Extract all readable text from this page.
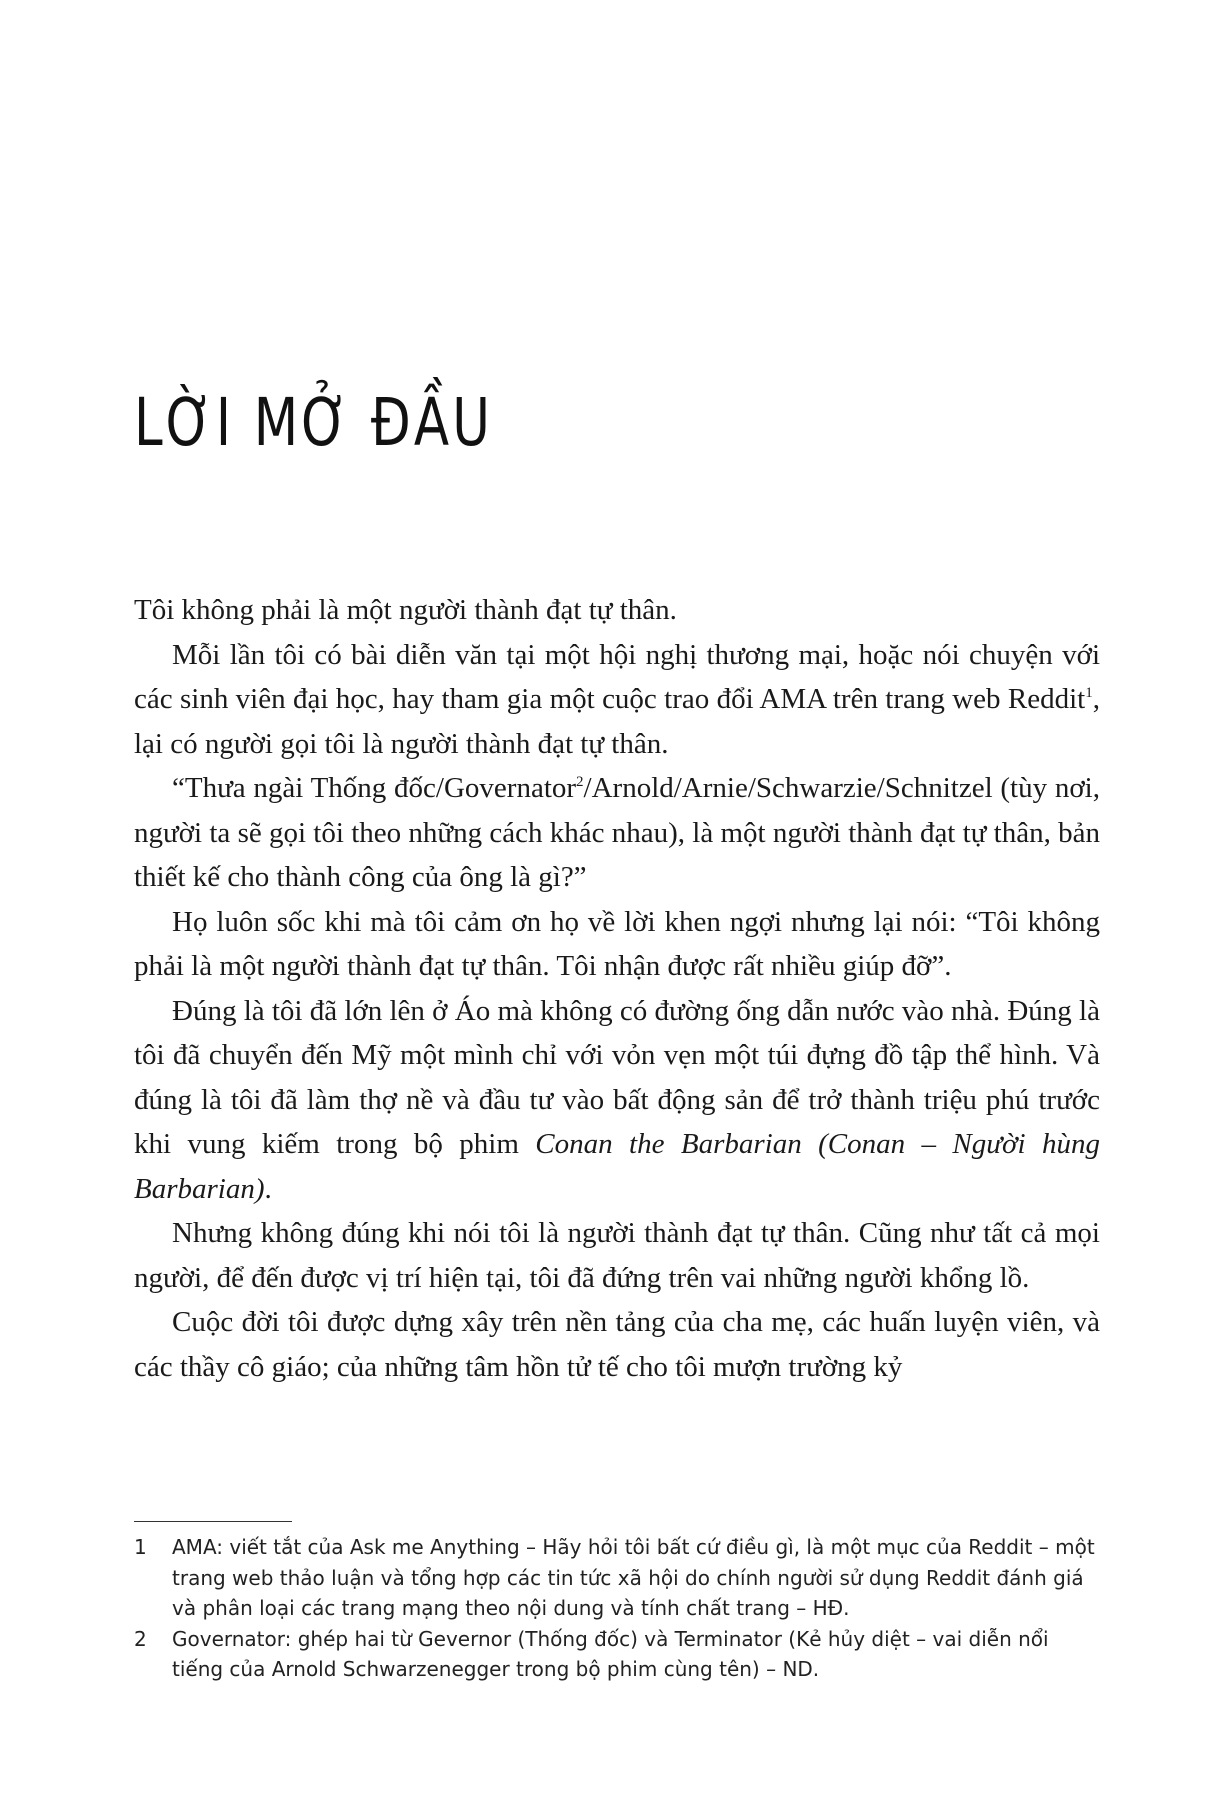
LỜI MỞ ĐẦU

Tôi không phải là một người thành đạt tự thân.

Mỗi lần tôi có bài diễn văn tại một hội nghị thương mại, hoặc nói chuyện với các sinh viên đại học, hay tham gia một cuộc trao đổi AMA trên trang web Reddit$^1$, lại có người gọi tôi là người thành đạt tự thân.

“Thưa ngài Thống đốc/Governator$^2$/Arnold/Arnie/Schwarzie/Schnitzel (tùy nơi, người ta sẽ gọi tôi theo những cách khác nhau), là một người thành đạt tự thân, bản thiết kế cho thành công của ông là gì?”

Họ luôn sốc khi mà tôi cảm ơn họ về lời khen ngợi nhưng lại nói: “Tôi không phải là một người thành đạt tự thân. Tôi nhận được rất nhiều giúp đỡ”.

Đúng là tôi đã lớn lên ở Áo mà không có đường ống dẫn nước vào nhà. Đúng là tôi đã chuyển đến Mỹ một mình chỉ với vỏn vẹn một túi đựng đồ tập thể hình. Và đúng là tôi đã làm thợ nề và đầu tư vào bất động sản để trở thành triệu phú trước khi vung kiếm trong bộ phim Conan the Barbarian (Conan – Người hùng Barbarian).

Nhưng không đúng khi nói tôi là người thành đạt tự thân. Cũng như tất cả mọi người, để đến được vị trí hiện tại, tôi đã đứng trên vai những người khổng lồ.

Cuộc đời tôi được dựng xây trên nền tảng của cha mẹ, các huấn luyện viên, và các thầy cô giáo; của những tâm hồn tử tế cho tôi mượn trường kỷ

1	AMA: viết tắt của Ask me Anything – Hãy hỏi tôi bất cứ điều gì, là một mục của Reddit – một trang web thảo luận và tổng hợp các tin tức xã hội do chính người sử dụng Reddit đánh giá và phân loại các trang mạng theo nội dung và tính chất trang – HĐ.
2	Governator: ghép hai từ Gevernor (Thống đốc) và Terminator (Kẻ hủy diệt – vai diễn nổi tiếng của Arnold Schwarzenegger trong bộ phim cùng tên) – ND.
